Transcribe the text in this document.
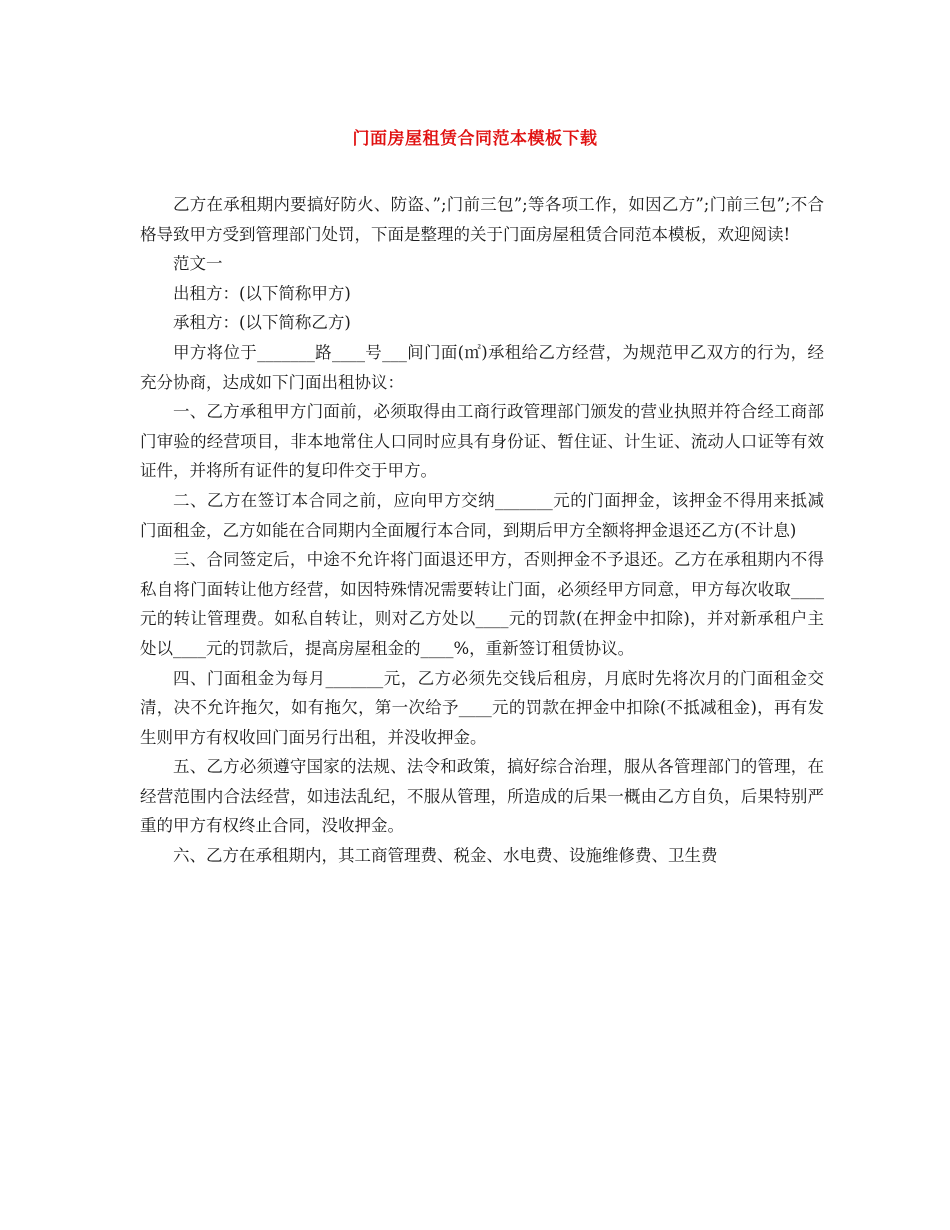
门面房屋租赁合同范本模板下载

乙方在承租期内要搞好防火、防盗、”;门前三包”;等各项工作，如因乙方”;门前三包”;不合格导致甲方受到管理部门处罚，下面是整理的关于门面房屋租赁合同范本模板，欢迎阅读!

范文一

出租方：(以下简称甲方)

承租方：(以下简称乙方)

甲方将位于_______路____号___间门面(㎡)承租给乙方经营，为规范甲乙双方的行为，经充分协商，达成如下门面出租协议：

一、乙方承租甲方门面前，必须取得由工商行政管理部门颁发的营业执照并符合经工商部门审验的经营项目，非本地常住人口同时应具有身份证、暂住证、计生证、流动人口证等有效证件，并将所有证件的复印件交于甲方。

二、乙方在签订本合同之前，应向甲方交纳_______元的门面押金，该押金不得用来抵减门面租金，乙方如能在合同期内全面履行本合同，到期后甲方全额将押金退还乙方(不计息)

三、合同签定后，中途不允许将门面退还甲方，否则押金不予退还。乙方在承租期内不得私自将门面转让他方经营，如因特殊情况需要转让门面，必须经甲方同意，甲方每次收取____元的转让管理费。如私自转让，则对乙方处以____元的罚款(在押金中扣除)，并对新承租户主处以____元的罚款后，提高房屋租金的____%，重新签订租赁协议。

四、门面租金为每月_______元，乙方必须先交钱后租房，月底时先将次月的门面租金交清，决不允许拖欠，如有拖欠，第一次给予____元的罚款在押金中扣除(不抵减租金)，再有发生则甲方有权收回门面另行出租，并没收押金。

五、乙方必须遵守国家的法规、法令和政策，搞好综合治理，服从各管理部门的管理，在经营范围内合法经营，如违法乱纪，不服从管理，所造成的后果一概由乙方自负，后果特别严重的甲方有权终止合同，没收押金。

六、乙方在承租期内，其工商管理费、税金、水电费、设施维修费、卫生费
